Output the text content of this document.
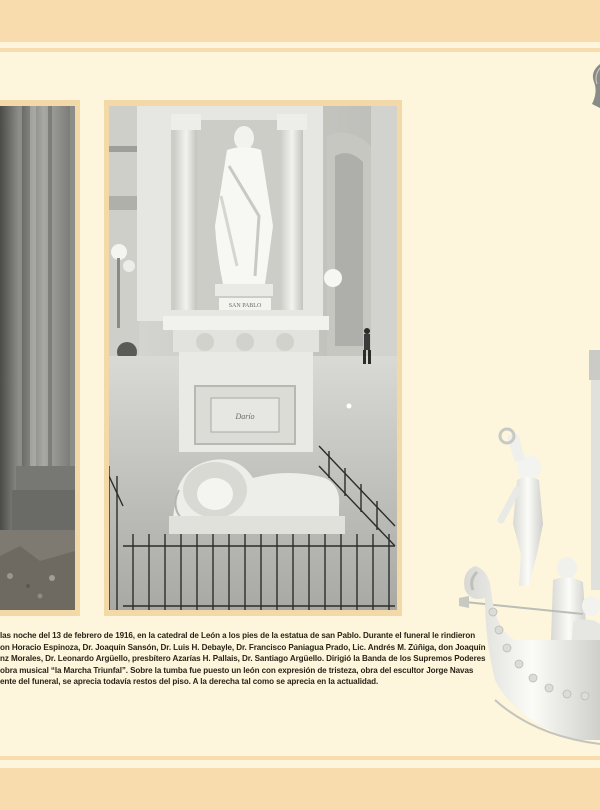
SAN PABLO
Darío
las noche del 13 de febrero de 1916, en la catedral de León a los pies de la estatua de san Pablo. Durante el funeral le rindieron
on Horacio Espinoza, Dr. Joaquín Sansón, Dr. Luis H. Debayle, Dr. Francisco Paniagua Prado, Lic. Andrés M. Zúñiga, don Joaquín
nz Morales, Dr. Leonardo Argüello, presbítero Azarías H. Pallais, Dr. Santiago Argüello. Dirigió la Banda de los Supremos Poderes
obra musical “la Marcha Triunfal”. Sobre la tumba fue puesto un león con expresión de tristeza, obra del escultor Jorge Navas
ente del funeral, se aprecia todavía restos del piso. A la derecha tal como se aprecia en la actualidad.
